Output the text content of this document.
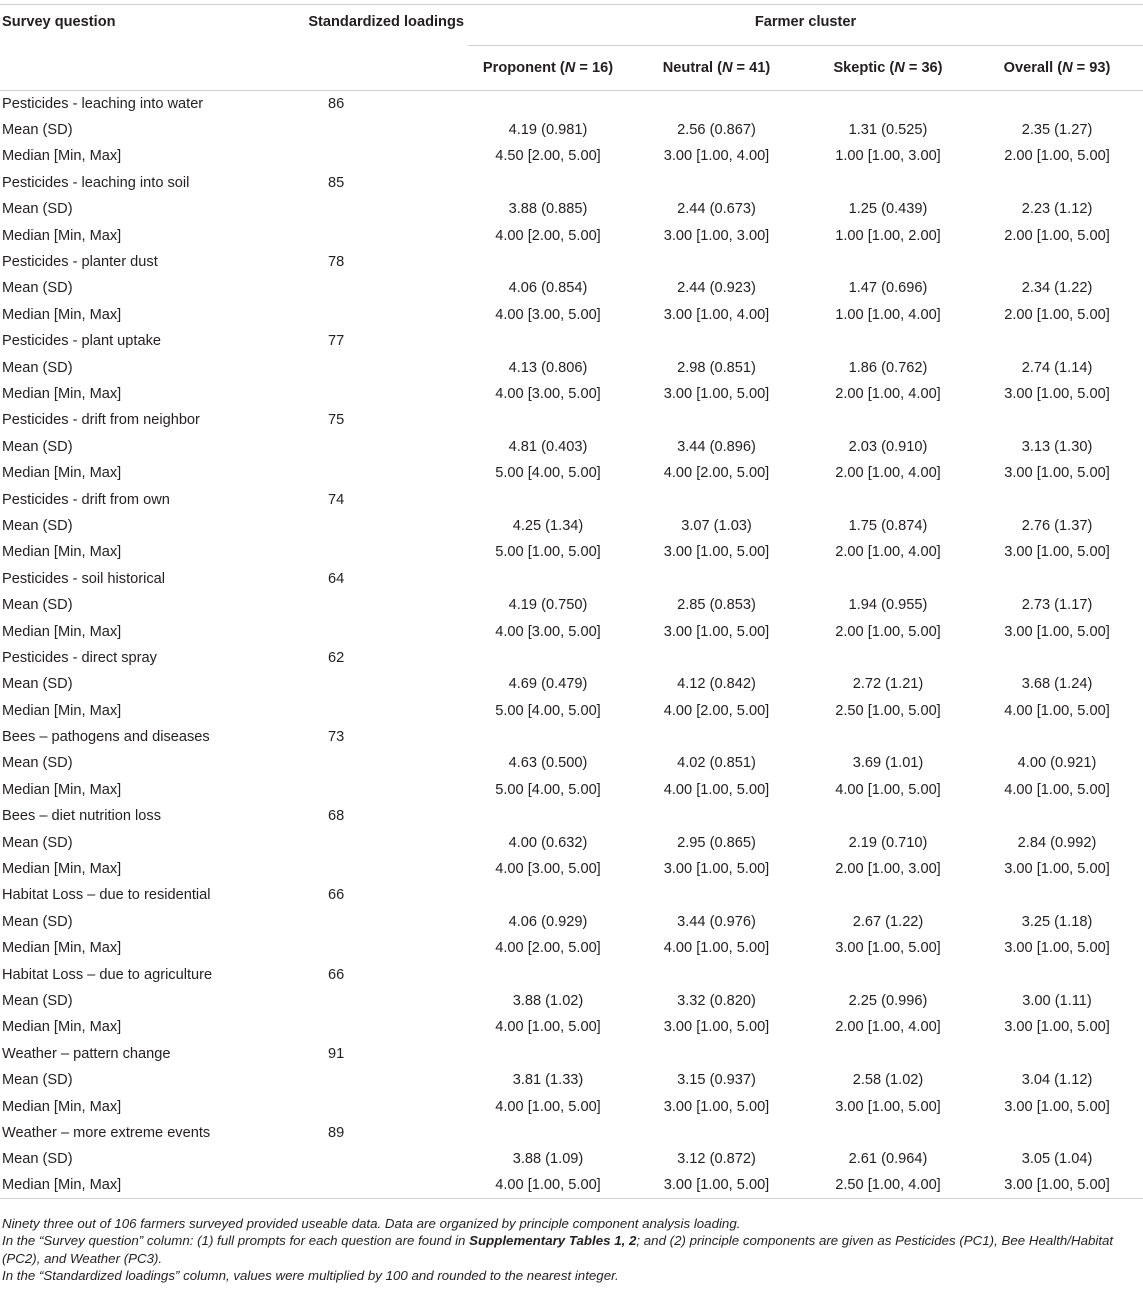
Survey question	Standardized loadings	Farmer cluster			
		Proponent (N = 16)	Neutral (N = 41)	Skeptic (N = 36)	Overall (N = 93)
Pesticides - leaching into water	86				
Mean (SD)		4.19 (0.981)	2.56 (0.867)	1.31 (0.525)	2.35 (1.27)
Median [Min, Max]		4.50 [2.00, 5.00]	3.00 [1.00, 4.00]	1.00 [1.00, 3.00]	2.00 [1.00, 5.00]
Pesticides - leaching into soil	85				
Mean (SD)		3.88 (0.885)	2.44 (0.673)	1.25 (0.439)	2.23 (1.12)
Median [Min, Max]		4.00 [2.00, 5.00]	3.00 [1.00, 3.00]	1.00 [1.00, 2.00]	2.00 [1.00, 5.00]
Pesticides - planter dust	78				
Mean (SD)		4.06 (0.854)	2.44 (0.923)	1.47 (0.696)	2.34 (1.22)
Median [Min, Max]		4.00 [3.00, 5.00]	3.00 [1.00, 4.00]	1.00 [1.00, 4.00]	2.00 [1.00, 5.00]
Pesticides - plant uptake	77				
Mean (SD)		4.13 (0.806)	2.98 (0.851)	1.86 (0.762)	2.74 (1.14)
Median [Min, Max]		4.00 [3.00, 5.00]	3.00 [1.00, 5.00]	2.00 [1.00, 4.00]	3.00 [1.00, 5.00]
Pesticides - drift from neighbor	75				
Mean (SD)		4.81 (0.403)	3.44 (0.896)	2.03 (0.910)	3.13 (1.30)
Median [Min, Max]		5.00 [4.00, 5.00]	4.00 [2.00, 5.00]	2.00 [1.00, 4.00]	3.00 [1.00, 5.00]
Pesticides - drift from own	74				
Mean (SD)		4.25 (1.34)	3.07 (1.03)	1.75 (0.874)	2.76 (1.37)
Median [Min, Max]		5.00 [1.00, 5.00]	3.00 [1.00, 5.00]	2.00 [1.00, 4.00]	3.00 [1.00, 5.00]
Pesticides - soil historical	64				
Mean (SD)		4.19 (0.750)	2.85 (0.853)	1.94 (0.955)	2.73 (1.17)
Median [Min, Max]		4.00 [3.00, 5.00]	3.00 [1.00, 5.00]	2.00 [1.00, 5.00]	3.00 [1.00, 5.00]
Pesticides - direct spray	62				
Mean (SD)		4.69 (0.479)	4.12 (0.842)	2.72 (1.21)	3.68 (1.24)
Median [Min, Max]		5.00 [4.00, 5.00]	4.00 [2.00, 5.00]	2.50 [1.00, 5.00]	4.00 [1.00, 5.00]
Bees – pathogens and diseases	73				
Mean (SD)		4.63 (0.500)	4.02 (0.851)	3.69 (1.01)	4.00 (0.921)
Median [Min, Max]		5.00 [4.00, 5.00]	4.00 [1.00, 5.00]	4.00 [1.00, 5.00]	4.00 [1.00, 5.00]
Bees – diet nutrition loss	68				
Mean (SD)		4.00 (0.632)	2.95 (0.865)	2.19 (0.710)	2.84 (0.992)
Median [Min, Max]		4.00 [3.00, 5.00]	3.00 [1.00, 5.00]	2.00 [1.00, 3.00]	3.00 [1.00, 5.00]
Habitat Loss – due to residential	66				
Mean (SD)		4.06 (0.929)	3.44 (0.976)	2.67 (1.22)	3.25 (1.18)
Median [Min, Max]		4.00 [2.00, 5.00]	4.00 [1.00, 5.00]	3.00 [1.00, 5.00]	3.00 [1.00, 5.00]
Habitat Loss – due to agriculture	66				
Mean (SD)		3.88 (1.02)	3.32 (0.820)	2.25 (0.996)	3.00 (1.11)
Median [Min, Max]		4.00 [1.00, 5.00]	3.00 [1.00, 5.00]	2.00 [1.00, 4.00]	3.00 [1.00, 5.00]
Weather – pattern change	91				
Mean (SD)		3.81 (1.33)	3.15 (0.937)	2.58 (1.02)	3.04 (1.12)
Median [Min, Max]		4.00 [1.00, 5.00]	3.00 [1.00, 5.00]	3.00 [1.00, 5.00]	3.00 [1.00, 5.00]
Weather – more extreme events	89				
Mean (SD)		3.88 (1.09)	3.12 (0.872)	2.61 (0.964)	3.05 (1.04)
Median [Min, Max]		4.00 [1.00, 5.00]	3.00 [1.00, 5.00]	2.50 [1.00, 4.00]	3.00 [1.00, 5.00]

Ninety three out of 106 farmers surveyed provided useable data. Data are organized by principle component analysis loading.

In the “Survey question” column: (1) full prompts for each question are found in Supplementary Tables 1, 2; and (2) principle components are given as Pesticides (PC1), Bee Health/Habitat (PC2), and Weather (PC3).

In the “Standardized loadings” column, values were multiplied by 100 and rounded to the nearest integer.
